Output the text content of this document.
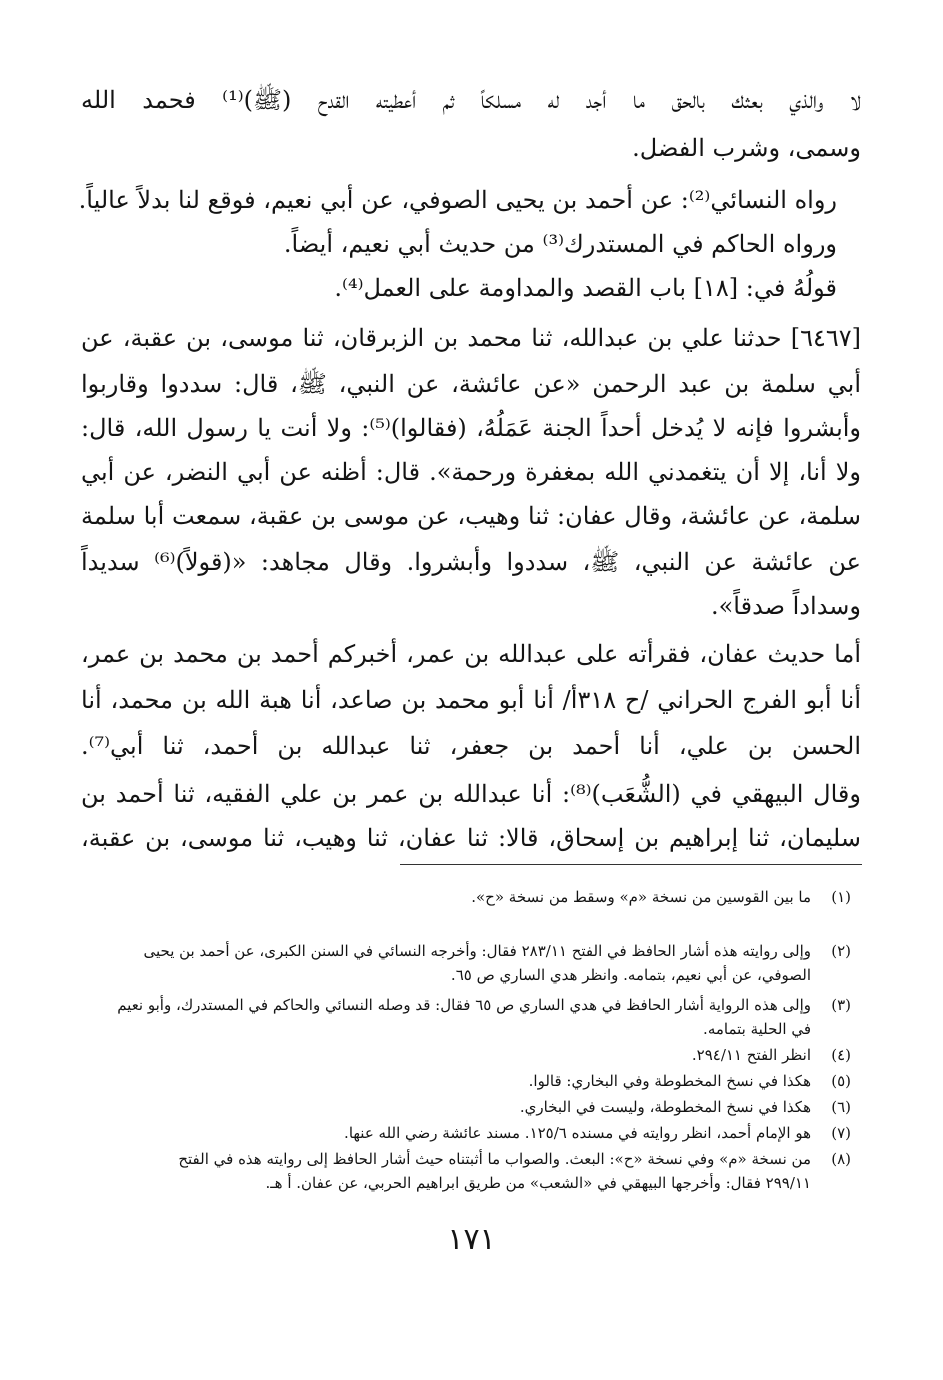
لا والذي بعثك بالحق ما أجد له مسلكاً ثم أعطيته القدح (ﷺ)⁽¹⁾ فحمد الله
وسمى، وشرب الفضل.
رواه النسائي⁽²⁾: عن أحمد بن يحيى الصوفي، عن أبي نعيم، فوقع لنا بدلاً عالياً.
ورواه الحاكم في المستدرك⁽³⁾ من حديث أبي نعيم، أيضاً.
قولُهُ في: [١٨] باب القصد والمداومة على العمل⁽⁴⁾.
[٦٤٦٧] حدثنا علي بن عبدالله، ثنا محمد بن الزبرقان، ثنا موسى، بن عقبة، عن
أبي سلمة بن عبد الرحمن «عن عائشة، عن النبي، ﷺ، قال: سددوا وقاربوا
وأبشروا فإنه لا يُدخل أحداً الجنة عَمَلُهُ، (فقالوا)⁽⁵⁾: ولا أنت يا رسول الله، قال:
ولا أنا، إلا أن يتغمدني الله بمغفرة ورحمة». قال: أظنه عن أبي النضر، عن أبي
سلمة، عن عائشة، وقال عفان: ثنا وهيب، عن موسى بن عقبة، سمعت أبا سلمة
عن عائشة عن النبي، ﷺ، سددوا وأبشروا. وقال مجاهد: «(قولاً)⁽⁶⁾ سديداً
وسداداً صدقاً».
أما حديث عفان، فقرأته على عبدالله بن عمر، أخبركم أحمد بن محمد بن عمر،
أنا أبو الفرج الحراني /ح ٣١٨أ/ أنا أبو محمد بن صاعد، أنا هبة الله بن محمد، أنا
الحسن بن علي، أنا أحمد بن جعفر، ثنا عبدالله بن أحمد، ثنا أبي⁽⁷⁾.
وقال البيهقي في (الشُّعَب)⁽⁸⁾: أنا عبدالله بن عمر بن علي الفقيه، ثنا أحمد بن
سليمان، ثنا إبراهيم بن إسحاق، قالا: ثنا عفان، ثنا وهيب، ثنا موسى، بن عقبة،
(١)ما بين القوسين من نسخة «م» وسقط من نسخة «ح».
(٢)وإلى روايته هذه أشار الحافظ في الفتح ٢٨٣/١١ فقال: وأخرجه النسائي في السنن الكبرى، عن أحمد بن يحيى
الصوفي، عن أبي نعيم، بتمامه. وانظر هدي الساري ص ٦٥.
(٣)وإلى هذه الرواية أشار الحافظ في هدي الساري ص ٦٥ فقال: قد وصله النسائي والحاكم في المستدرك، وأبو نعيم
في الحلية بتمامه.
(٤)انظر الفتح ٢٩٤/١١.
(٥)هكذا في نسخ المخطوطة وفي البخاري: قالوا.
(٦)هكذا في نسخ المخطوطة، وليست في البخاري.
(٧)هو الإمام أحمد، انظر روايته في مسنده ١٢٥/٦. مسند عائشة رضي الله عنها.
(٨)من نسخة «م» وفي نسخة «ح»: البعث. والصواب ما أثبتناه حيث أشار الحافظ إلى روايته هذه في الفتح
٢٩٩/١١ فقال: وأخرجها البيهقي في «الشعب» من طريق ابراهيم الحربي، عن عفان. أ هـ.
١٧١
